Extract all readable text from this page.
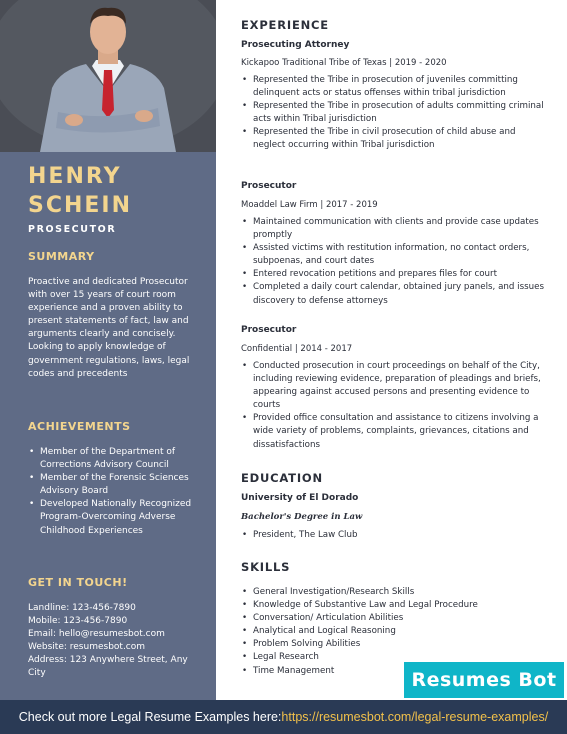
HENRY
SCHEIN
PROSECUTOR
SUMMARY
Proactive and dedicated Prosecutor with over 15 years of court room experience and a proven ability to present statements of fact, law and arguments clearly and concisely. Looking to apply knowledge of government regulations, laws, legal codes and precedents
ACHIEVEMENTS
• Member of the Department of Corrections Advisory Council
• Member of the Forensic Sciences Advisory Board
• Developed Nationally Recognized Program-Overcoming Adverse Childhood Experiences
GET IN TOUCH!
Landline: 123-456-7890
Mobile: 123-456-7890
Email: hello@resumesbot.com
Website: resumesbot.com
Address: 123 Anywhere Street, Any City
EXPERIENCE
Prosecuting Attorney
Kickapoo Traditional Tribe of Texas | 2019 - 2020
• Represented the Tribe in prosecution of juveniles committing delinquent acts or status offenses within tribal jurisdiction
• Represented the Tribe in prosecution of adults committing criminal acts within Tribal jurisdiction
• Represented the Tribe in civil prosecution of child abuse and neglect occurring within Tribal jurisdiction
Prosecutor
Moaddel Law Firm | 2017 - 2019
• Maintained communication with clients and provide case updates promptly
• Assisted victims with restitution information, no contact orders, subpoenas, and court dates
• Entered revocation petitions and prepares files for court
• Completed a daily court calendar, obtained jury panels, and issues discovery to defense attorneys
Prosecutor
Confidential | 2014 - 2017
• Conducted prosecution in court proceedings on behalf of the City, including reviewing evidence, preparation of pleadings and briefs, appearing against accused persons and presenting evidence to courts
• Provided office consultation and assistance to citizens involving a wide variety of problems, complaints, grievances, citations and dissatisfactions
EDUCATION
University of El Dorado
Bachelor's Degree in Law
• President, The Law Club
SKILLS
• General Investigation/Research Skills
• Knowledge of Substantive Law and Legal Procedure
• Conversation/ Articulation Abilities
• Analytical and Logical Reasoning
• Problem Solving Abilities
• Legal Research
• Time Management	Resumes Bot
Check out more Legal Resume Examples here: https://resumesbot.com/legal-resume-examples/
